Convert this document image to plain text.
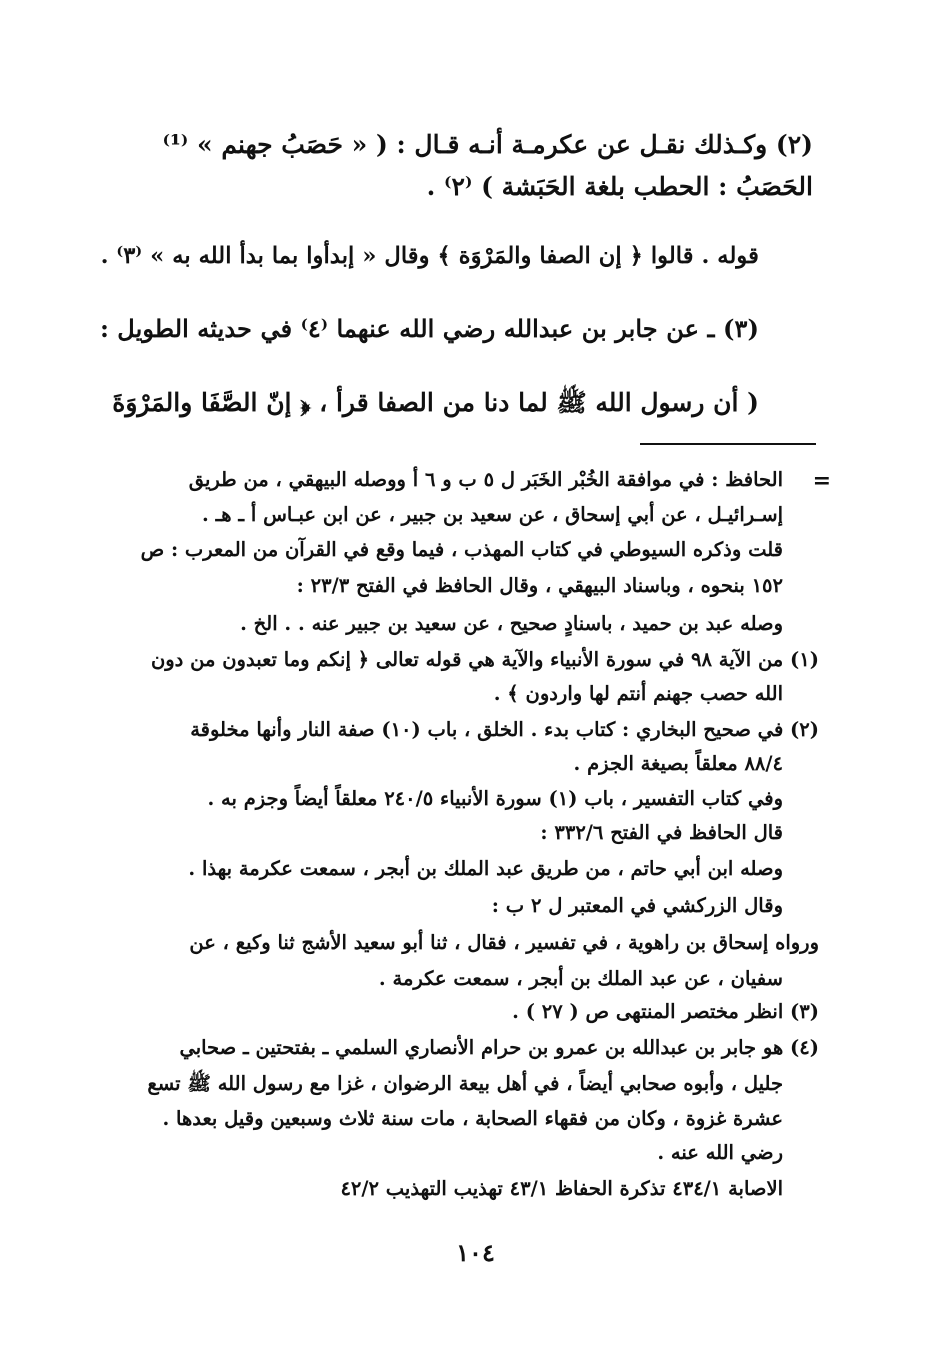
(٢) وكـذلك نقـل عن عكرمـة أنـه قـال : ( « حَصَبُ جهنم » ⁽¹⁾
الحَصَبُ : الحطب بلغة الحَبَشة ) ⁽٢⁾ .
قوله . قالوا ﴿ إن الصفا والمَرْوَة ﴾ وقال « إبدأوا بما بدأ الله به » ⁽٣⁾ .
(٣) ـ عن جابر بن عبدالله رضي الله عنهما ⁽٤⁾ في حديثه الطويل :
( أن رسول الله ﷺ لما دنا من الصفا قرأ ، ﴿ إنّ الصَّفَا والمَرْوَةَ
=
الحافظ : في موافقة الخُبْر الخَبَر ل ٥ ب و ٦ أ ووصله البيهقي ، من طريق
إسـرائيـل ، عن أبي إسحاق ، عن سعيد بن جبير ، عن ابن عبـاس أ ـ هـ .
قلت وذكره السيوطي في كتاب المهذب ، فيما وقع في القرآن من المعرب : ص
١٥٢ بنحوه ، وباسناد البيهقي ، وقال الحافظ في الفتح ٢٣/٣ :
وصله عبد بن حميد ، باسنادٍ صحيح ، عن سعيد بن جبير عنه . . الخ .
(١) من الآية ٩٨ في سورة الأنبياء والآية هي قوله تعالى ﴿ إنكم وما تعبدون من دون
الله حصب جهنم أنتم لها واردون ﴾ .
(٢) في صحيح البخاري : كتاب بدء . الخلق ، باب (١٠) صفة النار وأنها مخلوقة
٨٨/٤ معلقاً بصيغة الجزم .
وفي كتاب التفسير ، باب (١) سورة الأنبياء ٢٤٠/٥ معلقاً أيضاً وجزم به .
قال الحافظ في الفتح ٣٣٢/٦ :
وصله ابن أبي حاتم ، من طريق عبد الملك بن أبجر ، سمعت عكرمة بهذا .
وقال الزركشي في المعتبر ل ٢ ب :
ورواه إسحاق بن راهوية ، في تفسير ، فقال ، ثنا أبو سعيد الأشج ثنا وكيع ، عن
سفيان ، عن عبد الملك بن أبجر ، سمعت عكرمة .
(٣) انظر مختصر المنتهى ص ( ٢٧ ) .
(٤) هو جابر بن عبدالله بن عمرو بن حرام الأنصاري السلمي ـ بفتحتين ـ صحابي
جليل ، وأبوه صحابي أيضاً ، في أهل بيعة الرضوان ، غزا مع رسول الله ﷺ تسع
عشرة غزوة ، وكان من فقهاء الصحابة ، مات سنة ثلاث وسبعين وقيل بعدها .
رضي الله عنه .
الاصابة ٤٣٤/١ تذكرة الحفاظ ٤٣/١ تهذيب التهذيب ٤٢/٢
١٠٤
